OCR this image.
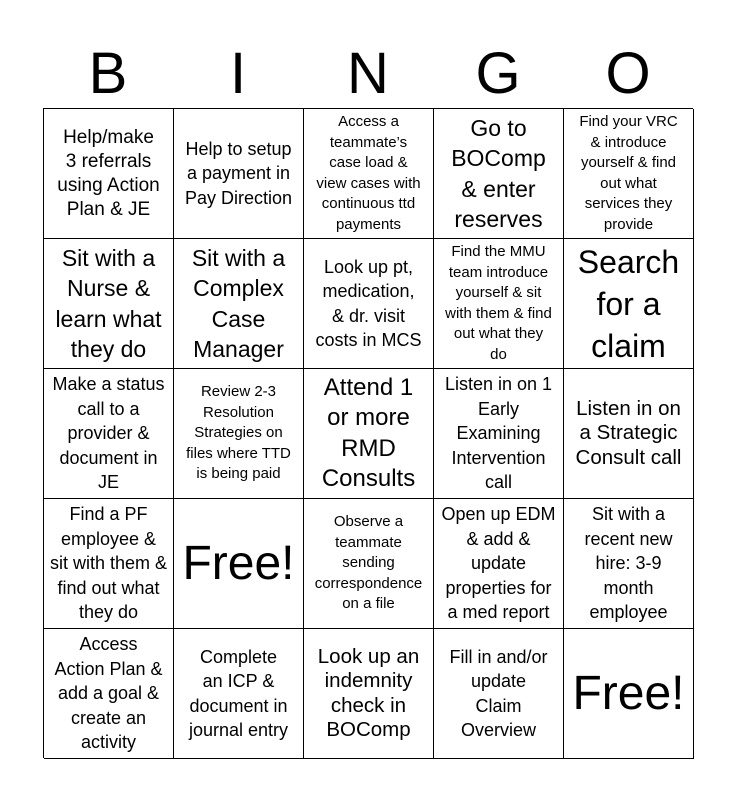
B	I	N	G	O
Help/make
3 referrals
using Action
Plan & JE
Help to setup
a payment in
Pay Direction
Access a
teammate’s
case load &
view cases with
continuous ttd
payments
Go to
BOComp
& enter
reserves
Find your VRC
& introduce
yourself & find
out what
services they
provide
Sit with a
Nurse &
learn what
they do
Sit with a
Complex
Case
Manager
Look up pt,
medication,
& dr. visit
costs in MCS
Find the MMU
team introduce
yourself & sit
with them & find
out what they
do
Search
for a
claim
Make a status
call to a
provider &
document in
JE
Review 2-3
Resolution
Strategies on
files where TTD
is being paid
Attend 1
or more
RMD
Consults
Listen in on 1
Early
Examining
Intervention
call
Listen in on
a Strategic
Consult call
Find a PF
employee &
sit with them &
find out what
they do
Free!
Observe a
teammate
sending
correspondence
on a file
Open up EDM
& add &
update
properties for
a med report
Sit with a
recent new
hire: 3-9
month
employee
Access
Action Plan &
add a goal &
create an
activity
Complete
an ICP &
document in
journal entry
Look up an
indemnity
check in
BOComp
Fill in and/or
update
Claim
Overview
Free!
